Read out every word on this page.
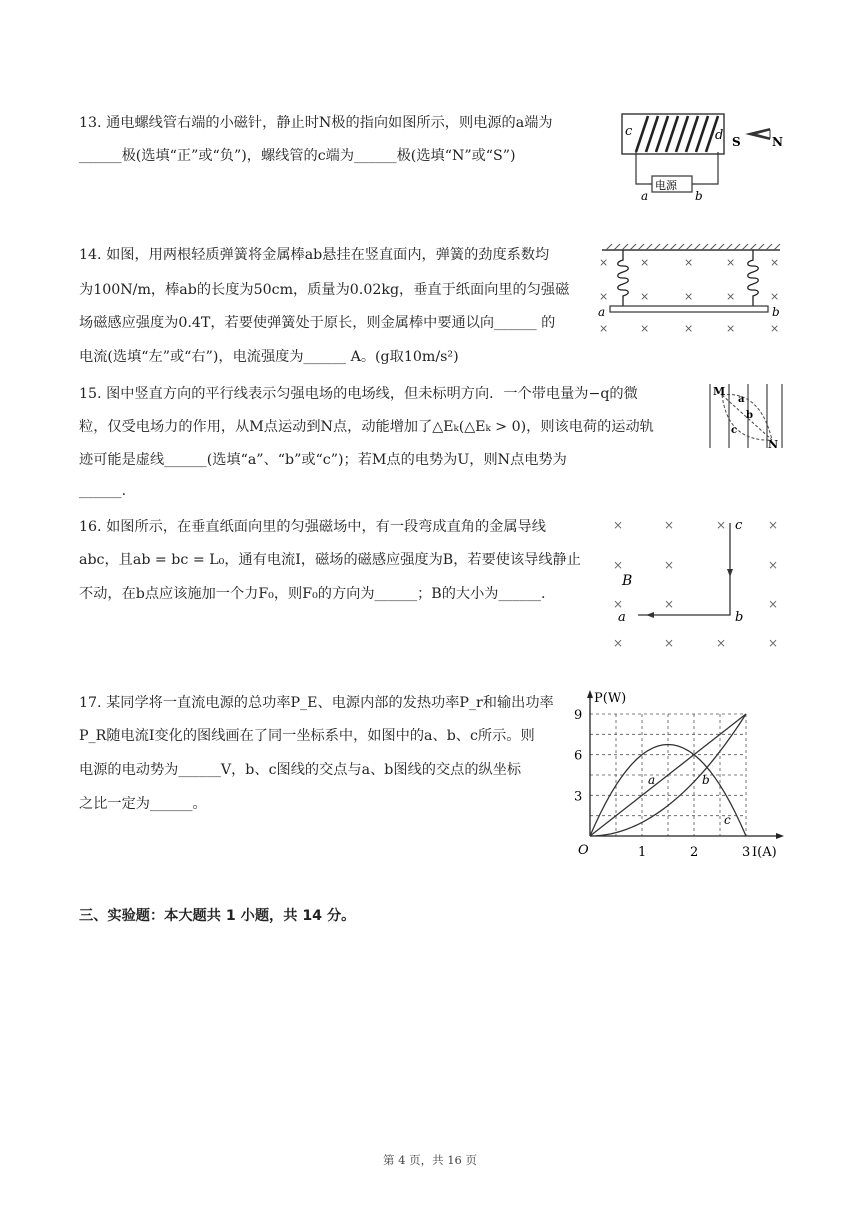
13. 通电螺线管右端的小磁针，静止时N极的指向如图所示，则电源的a端为
______极(选填“正”或“负”)，螺线管的c端为______极(选填“N”或“S”)
14. 如图，用两根轻质弹簧将金属棒ab悬挂在竖直面内，弹簧的劲度系数均
为100N/m，棒ab的长度为50cm，质量为0.02kg，垂直于纸面向里的匀强磁
场磁感应强度为0.4T，若要使弹簧处于原长，则金属棒中要通以向______ 的
电流(选填“左”或“右”)，电流强度为______ A。(g取10m/s²)
15. 图中竖直方向的平行线表示匀强电场的电场线，但未标明方向．一个带电量为−q的微
粒，仅受电场力的作用，从M点运动到N点，动能增加了△Eₖ(△Eₖ > 0)，则该电荷的运动轨
迹可能是虚线______(选填“a”、“b”或“c”)；若M点的电势为U，则N点电势为
______.
16. 如图所示，在垂直纸面向里的匀强磁场中，有一段弯成直角的金属导线
abc，且ab = bc = L₀，通有电流I，磁场的磁感应强度为B，若要使该导线静止
不动，在b点应该施加一个力F₀，则F₀的方向为______；B的大小为______.
17. 某同学将一直流电源的总功率P_E、电源内部的发热功率P_r和输出功率
P_R随电流I变化的图线画在了同一坐标系中，如图中的a、b、c所示。则
电源的电动势为______V，b、c图线的交点与a、b图线的交点的纵坐标
之比一定为______。
c	d S	N
电源
a	b
×	×	×	×	×
×	×	×	×	×
×	×	×	×	×
a	b
M
a
b
c
N
×	×	×	×
×	×	×
×	×	×
×	×	×	×
c
B
a	b
P(W)
I(A)
O	1	2	3
3
6
9
a	b
c
三、实验题：本大题共 1 小题，共 14 分。
第 4 页，共 16 页
